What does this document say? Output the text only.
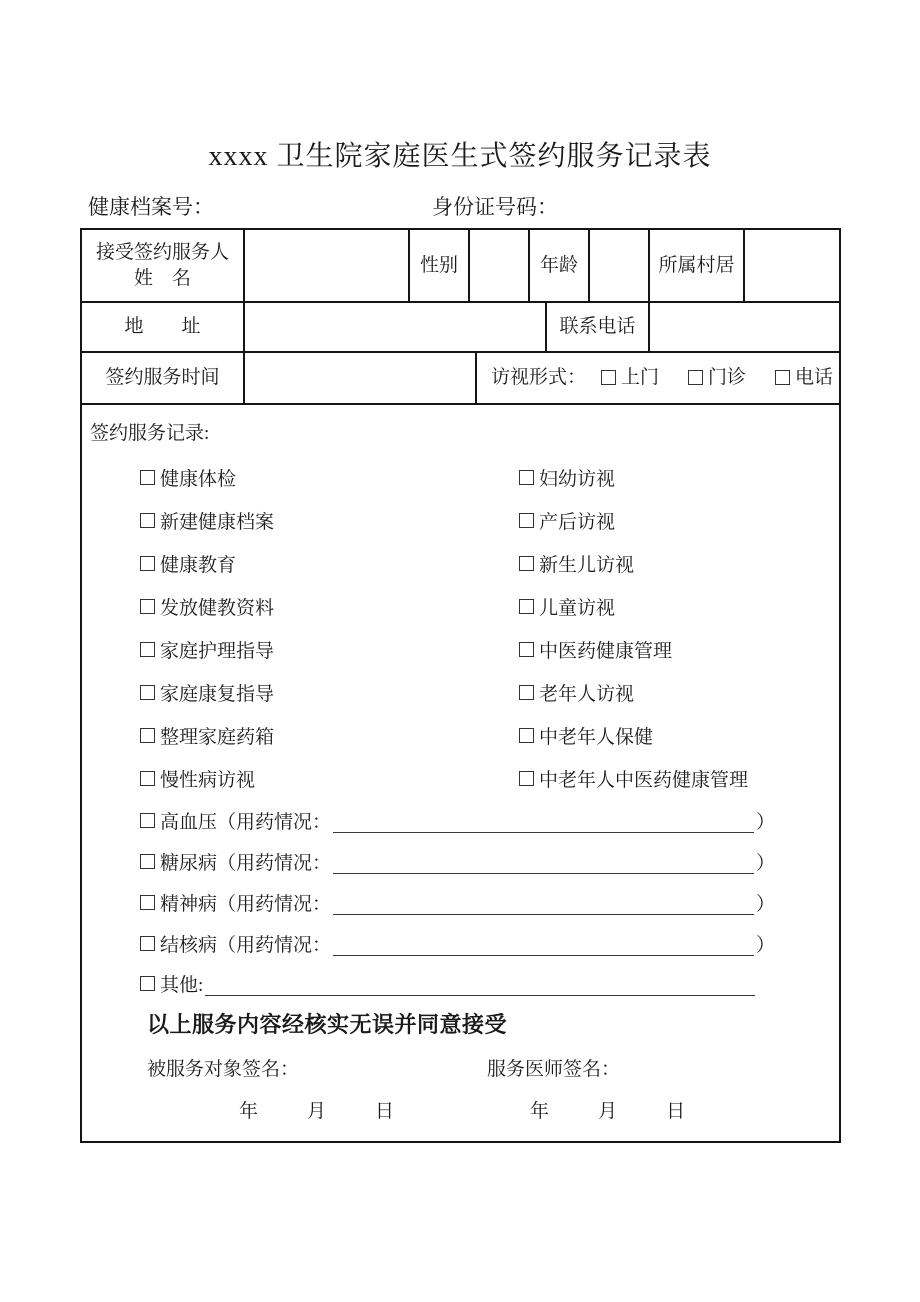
xxxx 卫生院家庭医生式签约服务记录表
健康档案号：	身份证号码：
接受签约服务人
姓　名
性别	年龄	所属村居
地　　址	联系电话
签约服务时间	访视形式： 上门	门诊	电话
签约服务记录:
健康体检	妇幼访视
新建健康档案	产后访视
健康教育	新生儿访视
发放健教资料	儿童访视
家庭护理指导	中医药健康管理
家庭康复指导	老年人访视
整理家庭药箱	中老年人保健
慢性病访视	中老年人中医药健康管理
高血压 （用药情况：	）
糖尿病 （用药情况：	）
精神病 （用药情况：	）
结核病 （用药情况：	）
其他:
以上服务内容经核实无误并同意接受
被服务对象签名：	服务医师签名：
年	月	日	年	月	日
